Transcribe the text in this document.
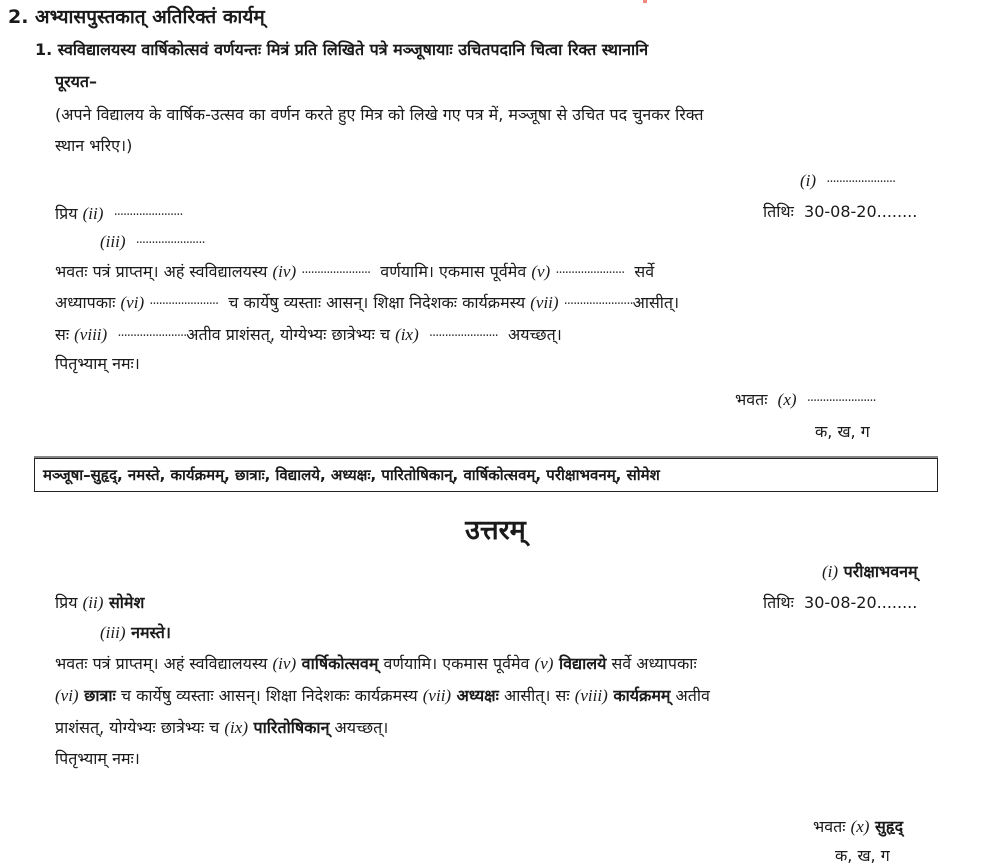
2. अभ्यासपुस्तकात् अतिरिक्तं कार्यम्
1. स्वविद्यालयस्य वार्षिकोत्सवं वर्णयन्तः मित्रं प्रति लिखिते पत्रे मञ्जूषायाः उचितपदानि चित्वा रिक्त स्थानानि
पूरयत–
(अपने विद्यालय के वार्षिक-उत्सव का वर्णन करते हुए मित्र को लिखे गए पत्र में, मञ्जूषा से उचित पद चुनकर रिक्त
स्थान भरिए।)
(i) ......................
प्रिय (ii) ......................	तिथिः  30-08-20........
(iii) ......................
भवतः पत्रं प्राप्तम्। अहं स्वविद्यालयस्य (iv) ......................  वर्णयामि। एकमास पूर्वमेव (v) ......................  सर्वे
अध्यापकाः (vi) ......................  च कार्येषु व्यस्ताः आसन्। शिक्षा निदेशकः कार्यक्रमस्य (vii) ......................आसीत्।
सः (viii) ......................अतीव प्राशंसत्, योग्येभ्यः छात्रेभ्यः च (ix) ......................  अयच्छत्।
पितृभ्याम् नमः।
भवतः  (x) ......................
क, ख, ग
मञ्जूषा–सुहृद्, नमस्ते, कार्यक्रमम्, छात्राः, विद्यालये, अध्यक्षः, पारितोषिकान्, वार्षिकोत्सवम्, परीक्षाभवनम्, सोमेश
उत्तरम्
(i) परीक्षाभवनम्
प्रिय (ii) सोमेश	तिथिः  30-08-20........
(iii) नमस्ते।
भवतः पत्रं प्राप्तम्। अहं स्वविद्यालयस्य (iv) वार्षिकोत्सवम् वर्णयामि। एकमास पूर्वमेव (v) विद्यालये सर्वे अध्यापकाः
(vi) छात्राः च कार्येषु व्यस्ताः आसन्। शिक्षा निदेशकः कार्यक्रमस्य (vii) अध्यक्षः आसीत्। सः (viii) कार्यक्रमम् अतीव
प्राशंसत्, योग्येभ्यः छात्रेभ्यः च (ix) पारितोषिकान् अयच्छत्।
पितृभ्याम् नमः।
भवतः (x) सुहृद्
क, ख, ग
